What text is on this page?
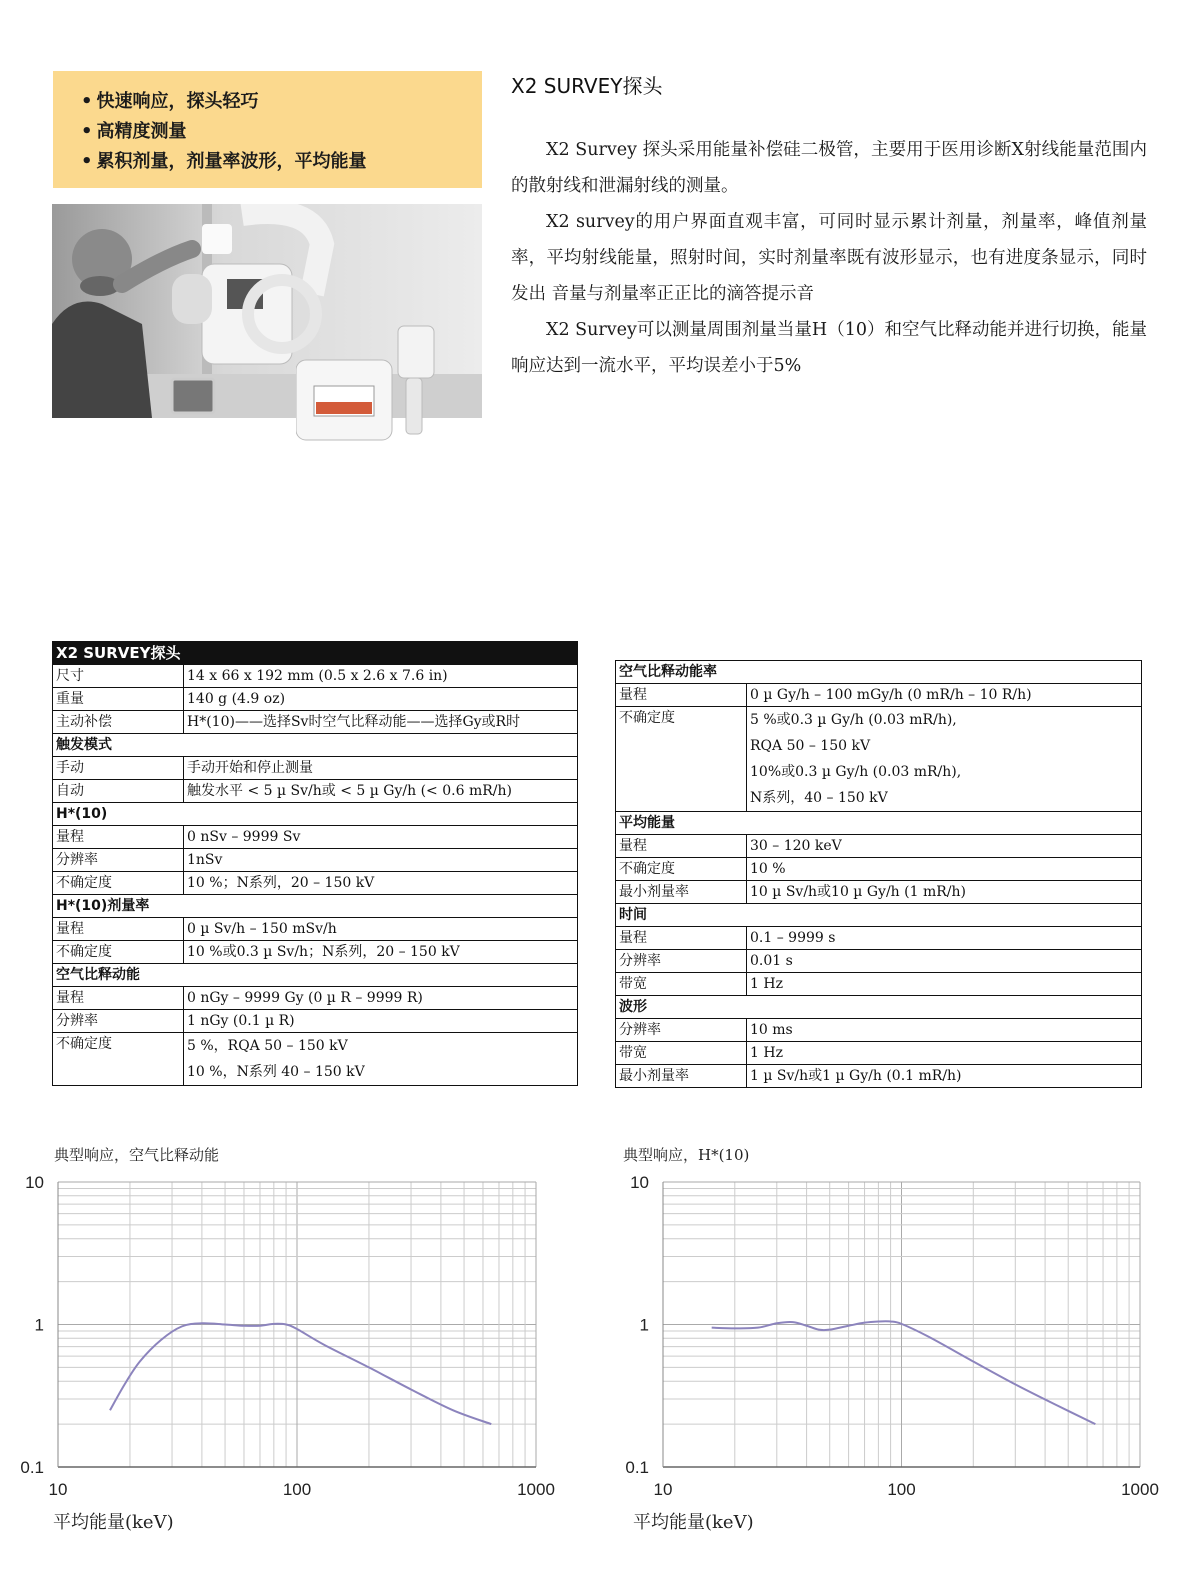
• 快速响应，探头轻巧
• 高精度测量
• 累积剂量，剂量率波形，平均能量
X2 SURVEY探头

X2 Survey 探头采用能量补偿硅二极管，主要用于医用诊断X射线能量范围内的散射线和泄漏射线的测量。

X2 survey的用户界面直观丰富，可同时显示累计剂量，剂量率，峰值剂量率，平均射线能量，照射时间，实时剂量率既有波形显示，也有进度条显示，同时发出 音量与剂量率正正比的滴答提示音

X2 Survey可以测量周围剂量当量H（10）和空气比释动能并进行切换，能量响应达到一流水平，平均误差小于5%

X2 SURVEY探头	
尺寸	14 x 66 x 192 mm (0.5 x 2.6 x 7.6 in)
重量	140 g (4.9 oz)
主动补偿	H*(10)——选择Sv时空气比释动能——选择Gy或R时
触发模式	
手动	手动开始和停止测量
自动	触发水平 < 5 µ Sv/h或 < 5 µ Gy/h (< 0.6 mR/h)
H*(10)	
量程	0 nSv – 9999 Sv
分辨率	1nSv
不确定度	10 %；N系列，20 – 150 kV
H*(10)剂量率	
量程	0 µ Sv/h – 150 mSv/h
不确定度	10 %或0.3 µ Sv/h；N系列，20 – 150 kV
空气比释动能	
量程	0 nGy – 9999 Gy (0 µ R – 9999 R)
分辨率	1 nGy (0.1 µ R)
不确定度	5 %，RQA 50 – 150 kV
10 %，N系列 40 – 150 kV
空气比释动能率	
量程	0 µ Gy/h – 100 mGy/h (0 mR/h – 10 R/h)
不确定度	5 %或0.3 µ Gy/h (0.03 mR/h),
RQA 50 – 150 kV
10%或0.3 µ Gy/h (0.03 mR/h),
N系列，40 – 150 kV

平均能量	
量程	30 – 120 keV
不确定度	10 %
最小剂量率	10 µ Sv/h或10 µ Gy/h (1 mR/h)
时间	
量程	0.1 – 9999 s
分辨率	0.01 s
带宽	1 Hz
波形	
分辨率	10 ms
带宽	1 Hz
最小剂量率	1 µ Sv/h或1 µ Gy/h (0.1 mR/h)
典型响应，空气比释动能
10	100	1000
10
1
0.1
平均能量(keV)
典型响应，H*(10)
10	100	1000
10
1
0.1
平均能量(keV)
